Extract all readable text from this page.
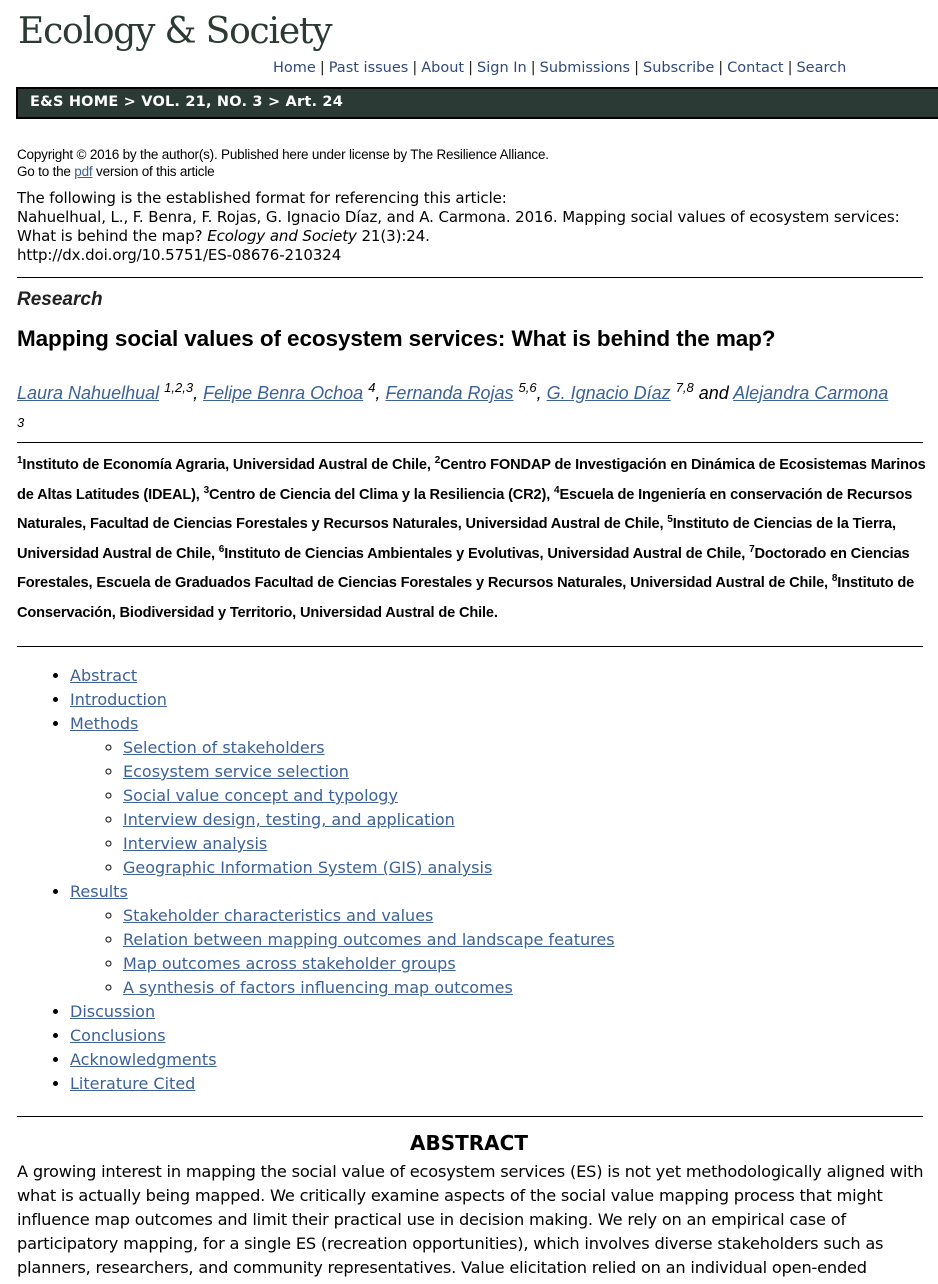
Ecology & Society
Home | Past issues | About | Sign In | Submissions | Subscribe | Contact | Search
E&S HOME > VOL. 21, NO. 3 > Art. 24
Copyright © 2016 by the author(s). Published here under license by The Resilience Alliance.
Go to the pdf version of this article
The following is the established format for referencing this article:
Nahuelhual, L., F. Benra, F. Rojas, G. Ignacio Díaz, and A. Carmona. 2016. Mapping social values of ecosystem services: What is behind the map? Ecology and Society 21(3):24.
http://dx.doi.org/10.5751/ES-08676-210324
Research
Mapping social values of ecosystem services: What is behind the map?
Laura Nahuelhual $^{1,2,3}$, Felipe Benra Ochoa $^4$, Fernanda Rojas $^{5,6}$, G. Ignacio Díaz $^{7,8}$ and Alejandra Carmona $^3$
$^1$Instituto de Economía Agraria, Universidad Austral de Chile, $^2$Centro FONDAP de Investigación en Dinámica de Ecosistemas Marinos de Altas Latitudes (IDEAL), $^3$Centro de Ciencia del Clima y la Resiliencia (CR2), $^4$Escuela de Ingeniería en conservación de Recursos Naturales, Facultad de Ciencias Forestales y Recursos Naturales, Universidad Austral de Chile, $^5$Instituto de Ciencias de la Tierra, Universidad Austral de Chile, $^6$Instituto de Ciencias Ambientales y Evolutivas, Universidad Austral de Chile, $^7$Doctorado en Ciencias Forestales, Escuela de Graduados Facultad de Ciencias Forestales y Recursos Naturales, Universidad Austral de Chile, $^8$Instituto de Conservación, Biodiversidad y Territorio, Universidad Austral de Chile.
• Abstract
• Introduction
• Methods
◦ Selection of stakeholders
◦ Ecosystem service selection
◦ Social value concept and typology
◦ Interview design, testing, and application
◦ Interview analysis
◦ Geographic Information System (GIS) analysis
• Results
◦ Stakeholder characteristics and values
◦ Relation between mapping outcomes and landscape features
◦ Map outcomes across stakeholder groups
◦ A synthesis of factors influencing map outcomes
• Discussion
• Conclusions
• Acknowledgments
• Literature Cited
ABSTRACT
A growing interest in mapping the social value of ecosystem services (ES) is not yet methodologically aligned with what is actually being mapped. We critically examine aspects of the social value mapping process that might influence map outcomes and limit their practical use in decision making. We rely on an empirical case of participatory mapping, for a single ES (recreation opportunities), which involves diverse stakeholders such as planners, researchers, and community representatives. Value elicitation relied on an individual open-ended
